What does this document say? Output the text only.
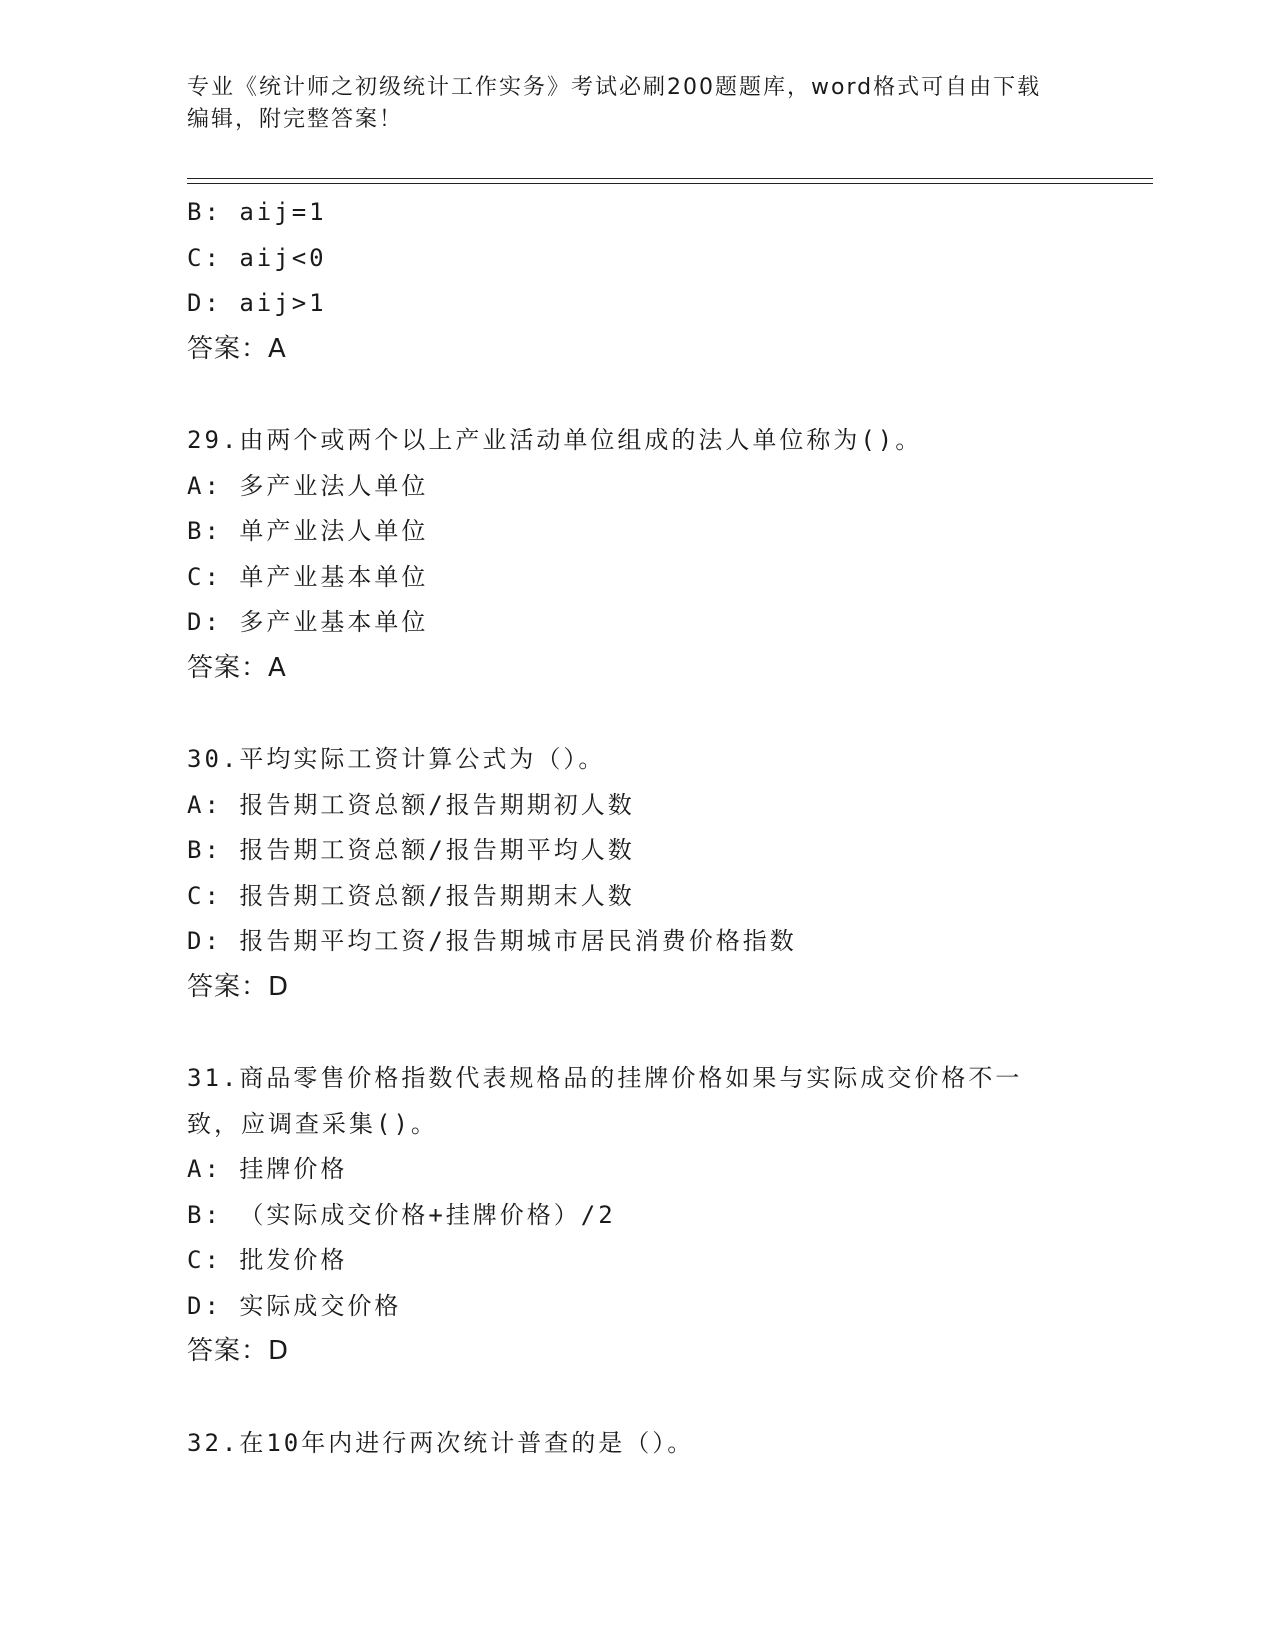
专业《统计师之初级统计工作实务》考试必刷200题题库，word格式可自由下载
编辑，附完整答案！
B: aij=1
C: aij<0
D: aij>1
答案：A
29.由两个或两个以上产业活动单位组成的法人单位称为()。
A: 多产业法人单位
B: 单产业法人单位
C: 单产业基本单位
D: 多产业基本单位
答案：A
30.平均实际工资计算公式为（）。
A: 报告期工资总额/报告期期初人数
B: 报告期工资总额/报告期平均人数
C: 报告期工资总额/报告期期末人数
D: 报告期平均工资/报告期城市居民消费价格指数
答案：D
31.商品零售价格指数代表规格品的挂牌价格如果与实际成交价格不一
致，应调查采集()。
A: 挂牌价格
B: （实际成交价格+挂牌价格）/2
C: 批发价格
D: 实际成交价格
答案：D
32.在10年内进行两次统计普查的是（）。
